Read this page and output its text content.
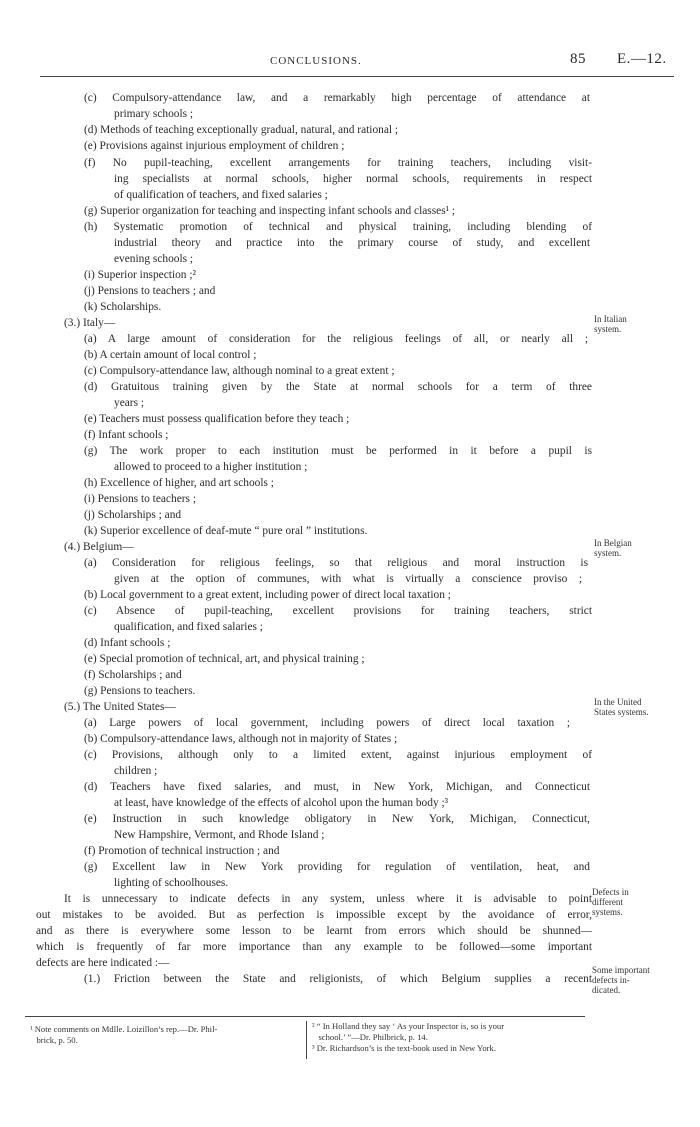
CONCLUSIONS.	85 E.—12.
(c) Compulsory-attendance law, and a remarkably high percentage of attendance at
primary schools ;
(d) Methods of teaching exceptionally gradual, natural, and rational ;
(e) Provisions against injurious employment of children ;
(f) No pupil-teaching, excellent arrangements for training teachers, including visit-
ing specialists at normal schools, higher normal schools, requirements in respect
of qualification of teachers, and fixed salaries ;
(g) Superior organization for teaching and inspecting infant schools and classes¹ ;
(h) Systematic promotion of technical and physical training, including blending of
industrial theory and practice into the primary course of study, and excellent
evening schools ;
(i) Superior inspection ;²
(j) Pensions to teachers ; and
(k) Scholarships.
(3.) Italy—
(a) A large amount of consideration for the religious feelings of all, or nearly all ;
(b) A certain amount of local control ;
(c) Compulsory-attendance law, although nominal to a great extent ;
(d) Gratuitous training given by the State at normal schools for a term of three
years ;
(e) Teachers must possess qualification before they teach ;
(f) Infant schools ;
(g) The work proper to each institution must be performed in it before a pupil is
allowed to proceed to a higher institution ;
(h) Excellence of higher, and art schools ;
(i) Pensions to teachers ;
(j) Scholarships ; and
(k) Superior excellence of deaf-mute “ pure oral ” institutions.
(4.) Belgium—
(a) Consideration for religious feelings, so that religious and moral instruction is
given at the option of communes, with what is virtually a conscience proviso ;
(b) Local government to a great extent, including power of direct local taxation ;
(c) Absence of pupil-teaching, excellent provisions for training teachers, strict
qualification, and fixed salaries ;
(d) Infant schools ;
(e) Special promotion of technical, art, and physical training ;
(f) Scholarships ; and
(g) Pensions to teachers.
(5.) The United States—
(a) Large powers of local government, including powers of direct local taxation ;
(b) Compulsory-attendance laws, although not in majority of States ;
(c) Provisions, although only to a limited extent, against injurious employment of
children ;
(d) Teachers have fixed salaries, and must, in New York, Michigan, and Connecticut
at least, have knowledge of the effects of alcohol upon the human body ;³
(e) Instruction in such knowledge obligatory in New York, Michigan, Connecticut,
New Hampshire, Vermont, and Rhode Island ;
(f) Promotion of technical instruction ; and
(g) Excellent law in New York providing for regulation of ventilation, heat, and
lighting of schoolhouses.
It is unnecessary to indicate defects in any system, unless where it is advisable to point
out mistakes to be avoided. But as perfection is impossible except by the avoidance of error,
and as there is everywhere some lesson to be learnt from errors which should be shunned—
which is frequently of far more importance than any example to be followed—some important
defects are here indicated :—
(1.) Friction between the State and religionists, of which Belgium supplies a recent
In Italian
system.
In Belgian
system.
In the United
States systems.
Defects in
different
systems.
Some important
defects in-
dicated.
¹ Note comments on Mdlle. Loizillon’s rep.—Dr. Phil-
brick, p. 50.
² “ In Holland they say ‘ As your Inspector is, so is your
school.’ ”—Dr. Philbrick, p. 14.
³ Dr. Richardson’s is the text-book used in New York.
